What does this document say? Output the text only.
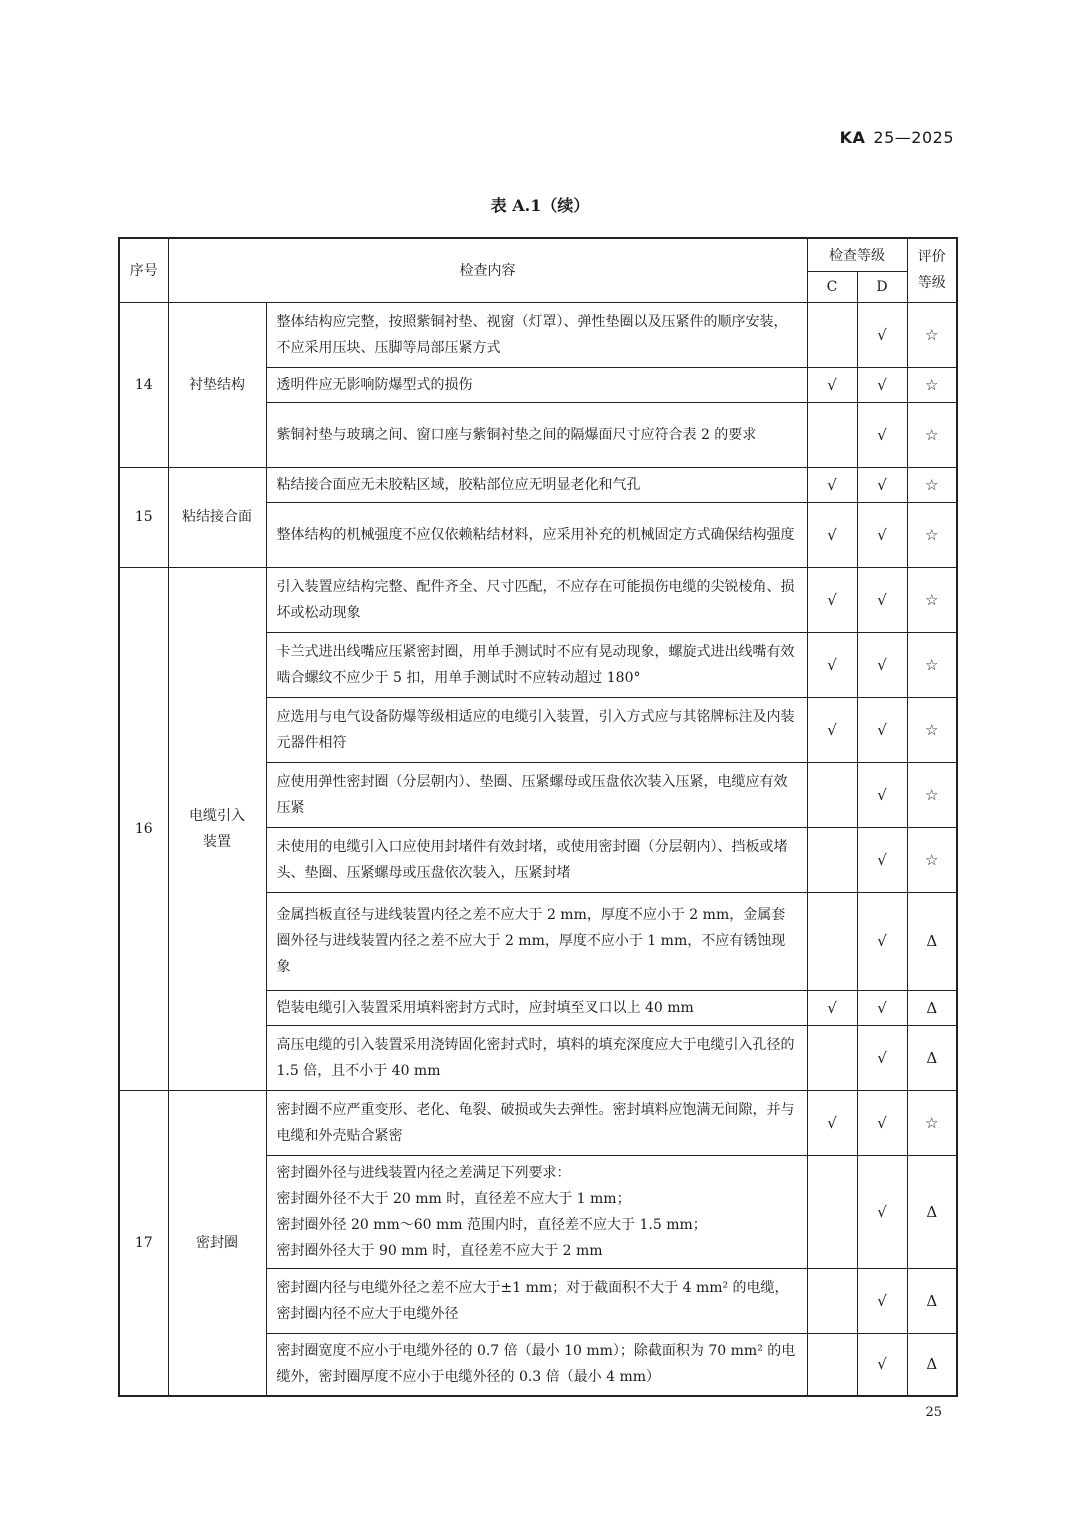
KA 25—2025
表 A.1（续）
序号	检查内容		检查等级		评价等级
			C	D	
14	衬垫结构	整体结构应完整，按照紫铜衬垫、视窗（灯罩）、弹性垫圈以及压紧件的顺序安装，不应采用压块、压脚等局部压紧方式		√	☆
		透明件应无影响防爆型式的损伤	√	√	☆
		紫铜衬垫与玻璃之间、窗口座与紫铜衬垫之间的隔爆面尺寸应符合表 2 的要求		√	☆
15	粘结接合面	粘结接合面应无未胶粘区域，胶粘部位应无明显老化和气孔	√	√	☆
		整体结构的机械强度不应仅依赖粘结材料，应采用补充的机械固定方式确保结构强度	√	√	☆
16	电缆引入装置	引入装置应结构完整、配件齐全、尺寸匹配，不应存在可能损伤电缆的尖锐棱角、损坏或松动现象	√	√	☆
		卡兰式进出线嘴应压紧密封圈，用单手测试时不应有晃动现象，螺旋式进出线嘴有效啮合螺纹不应少于 5 扣，用单手测试时不应转动超过 180°	√	√	☆
		应选用与电气设备防爆等级相适应的电缆引入装置，引入方式应与其铭牌标注及内装元器件相符	√	√	☆
		应使用弹性密封圈（分层朝内）、垫圈、压紧螺母或压盘依次装入压紧，电缆应有效压紧		√	☆
		未使用的电缆引入口应使用封堵件有效封堵，或使用密封圈（分层朝内）、挡板或堵头、垫圈、压紧螺母或压盘依次装入，压紧封堵		√	☆
		金属挡板直径与进线装置内径之差不应大于 2 mm，厚度不应小于 2 mm，金属套圈外径与进线装置内径之差不应大于 2 mm，厚度不应小于 1 mm，不应有锈蚀现象		√	Δ
		铠装电缆引入装置采用填料密封方式时，应封填至叉口以上 40 mm	√	√	Δ
		高压电缆的引入装置采用浇铸固化密封式时，填料的填充深度应大于电缆引入孔径的 1.5 倍，且不小于 40 mm		√	Δ
17	密封圈	密封圈不应严重变形、老化、龟裂、破损或失去弹性。密封填料应饱满无间隙，并与电缆和外壳贴合紧密	√	√	☆
		密封圈外径与进线装置内径之差满足下列要求：
密封圈外径不大于 20 mm 时，直径差不应大于 1 mm；
密封圈外径 20 mm～60 mm 范围内时，直径差不应大于 1.5 mm；
密封圈外径大于 90 mm 时，直径差不应大于 2 mm		√	Δ
		密封圈内径与电缆外径之差不应大于±1 mm；对于截面积不大于 4 mm² 的电缆，密封圈内径不应大于电缆外径		√	Δ
		密封圈宽度不应小于电缆外径的 0.7 倍（最小 10 mm）；除截面积为 70 mm² 的电缆外，密封圈厚度不应小于电缆外径的 0.3 倍（最小 4 mm）		√	Δ
25
